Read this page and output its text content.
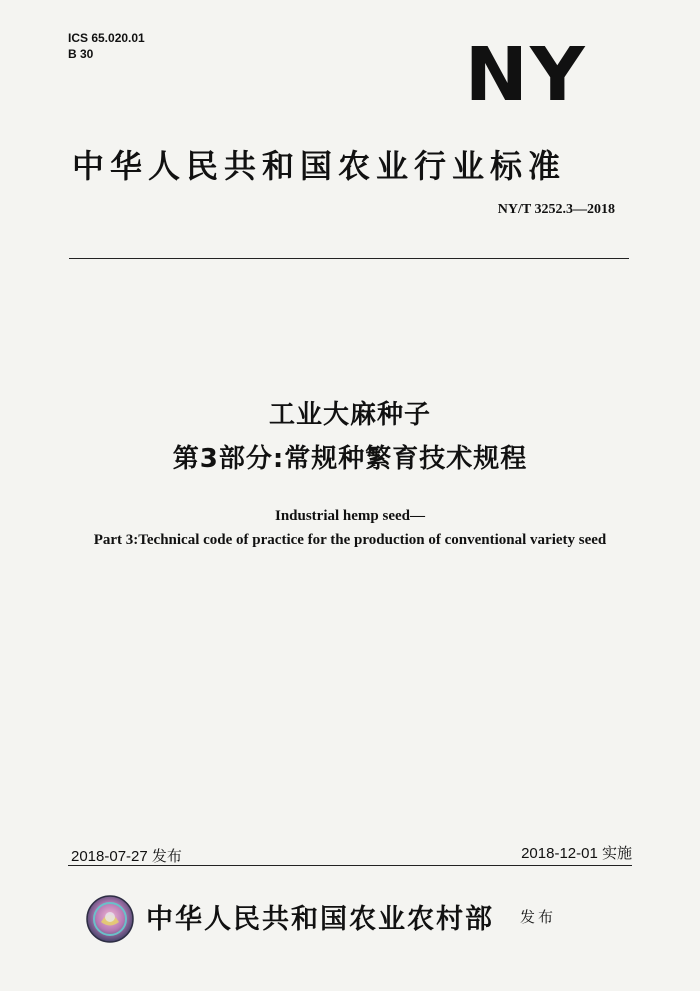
ICS 65.020.01
B 30	NY
中华人民共和国农业行业标准
NY/T 3252.3—2018
工业大麻种子
第3部分:常规种繁育技术规程
Industrial hemp seed—
Part 3:Technical code of practice for the production of conventional variety seed
2018-07-27 发布	2018-12-01 实施
中华人民共和国农业农村部 发布
